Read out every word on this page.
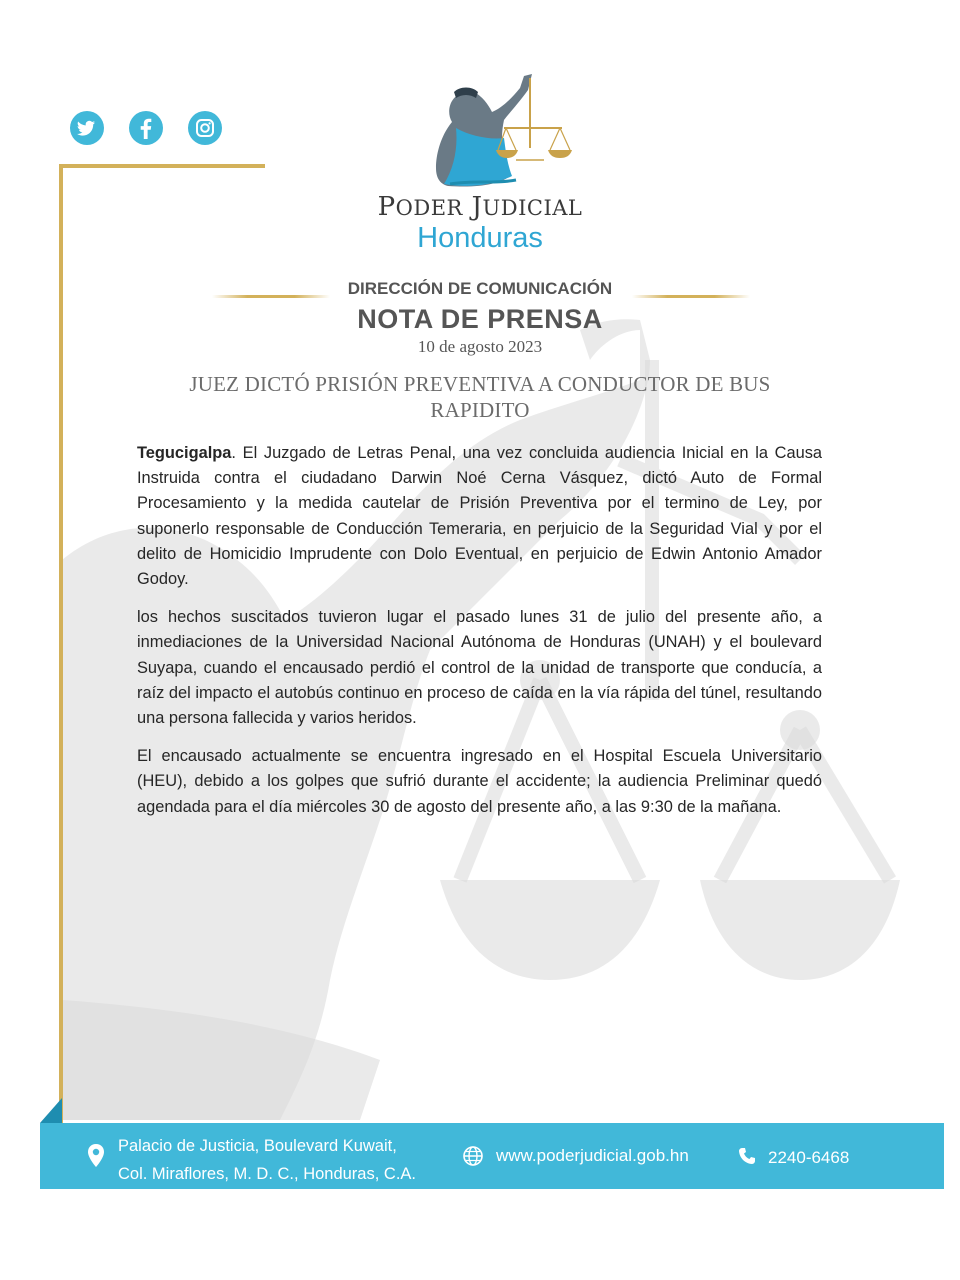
PODER JUDICIAL
Honduras
DIRECCIÓN DE COMUNICACIÓN
NOTA DE PRENSA
10 de agosto 2023
JUEZ DICTÓ PRISIÓN PREVENTIVA A CONDUCTOR DE BUS
RAPIDITO

Tegucigalpa. El Juzgado de Letras Penal, una vez concluida audiencia Inicial en la Causa Instruida contra el ciudadano Darwin Noé Cerna Vásquez, dictó Auto de Formal Procesamiento y la medida cautelar de Prisión Preventiva por el termino de Ley, por suponerlo responsable de Conducción Temeraria, en perjuicio de la Seguridad Vial y por el delito de Homicidio Imprudente con Dolo Eventual, en perjuicio de Edwin Antonio Amador Godoy.

los hechos suscitados tuvieron lugar el pasado lunes 31 de julio del presente año, a inmediaciones de la Universidad Nacional Autónoma de Honduras (UNAH) y el boulevard Suyapa, cuando el encausado perdió el control de la unidad de transporte que conducía, a raíz del impacto el autobús continuo en proceso de caída en la vía rápida del túnel, resultando una persona fallecida y varios heridos.

El encausado actualmente se encuentra ingresado en el Hospital Escuela Universitario (HEU), debido a los golpes que sufrió durante el accidente; la audiencia Preliminar quedó agendada para el día miércoles 30 de agosto del presente año, a las 9:30 de la mañana.

Palacio de Justicia, Boulevard Kuwait,
Col. Miraflores, M. D. C., Honduras, C.A.
www.poderjudicial.gob.hn	2240-6468
